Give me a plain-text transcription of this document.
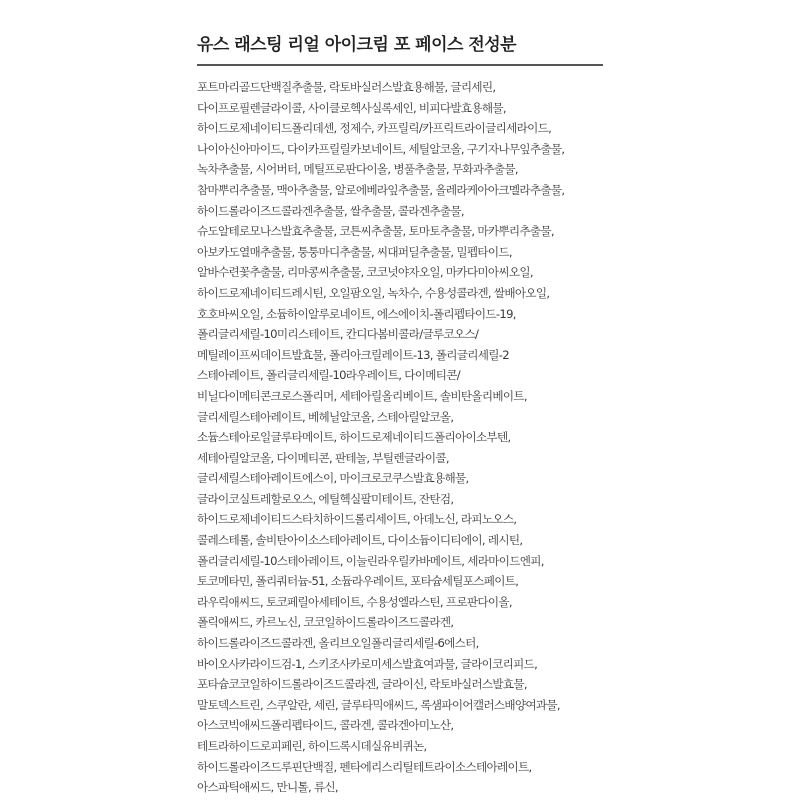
유스 래스팅 리얼 아이크림 포 페이스 전성분
포트마리골드단백질추출물, 락토바실러스발효용해물, 글리세린,
다이프로필렌글라이콜, 사이클로헥사실록세인, 비피다발효용해물,
하이드로제네이티드폴리데센, 정제수, 카프릴릭/카프릭트라이글리세라이드,
나이아신아마이드, 다이카프릴릴카보네이트, 세틸알코올, 구기자나무잎추출물,
녹차추출물, 시어버터, 메틸프로판다이올, 병풀추출물, 무화과추출물,
참마뿌리추출물, 맥아추출물, 알로에베라잎추출물, 올레라케아아크멜라추출물,
하이드롤라이즈드콜라겐추출물, 쌀추출물, 콜라겐추출물,
슈도알테로모나스발효추출물, 코튼씨추출물, 토마토추출물, 마카뿌리추출물,
아보카도열매추출물, 퉁퉁마디추출물, 씨대퍼딜추출물, 밀펩타이드,
알바수련꽃추출물, 리마콩씨추출물, 코코넛야자오일, 마카다미아씨오일,
하이드로제네이티드레시틴, 오일팜오일, 녹차수, 수용성콜라겐, 쌀배아오일,
호호바씨오일, 소듐하이알루로네이트, 에스에이치-폴리펩타이드-19,
폴리글리세릴-10미리스테이트, 칸디다봄비콜라/글루코오스/
메틸레이프씨데이트발효물, 폴리아크릴레이트-13, 폴리글리세릴-2
스테아레이트, 폴리글리세릴-10라우레이트, 다이메티콘/
비닐다이메티콘크로스폴리머, 세테아릴올리베이트, 솔비탄올리베이트,
글리세릴스테아레이트, 베헤닐알코올, 스테아릴알코올,
소듐스테아로일글루타메이트, 하이드로제네이티드폴리아이소부텐,
세테아릴알코올, 다이메티콘, 판테놀, 부틸렌글라이콜,
글리세릴스테아레이트에스이, 마이크로코쿠스발효용해물,
글라이코실트레할로오스, 에틸헥실팔미테이트, 잔탄검,
하이드로제네이티드스타치하이드롤리세이트, 아데노신, 라피노오스,
콜레스테롤, 솔비탄아이소스테아레이트, 다이소듐이디티에이, 레시틴,
폴리글리세릴-10스테아레이트, 이눌린라우릴카바메이트, 세라마이드엔피,
토코메타민, 폴리쿼터늄-51, 소듐라우레이트, 포타슘세틸포스페이트,
라우릭애씨드, 토코페릴아세테이트, 수용성엘라스틴, 프로판다이올,
폴릭애씨드, 카르노신, 코코일하이드롤라이즈드콜라겐,
하이드롤라이즈드콜라겐, 올리브오일폴리글리세릴-6에스터,
바이오사카라이드검-1, 스키조사카로미세스발효여과물, 글라이코리피드,
포타슘코코일하이드롤라이즈드콜라겐, 글라이신, 락토바실러스발효물,
말토덱스트린, 스쿠알란, 세린, 글루타믹애씨드, 록샘파이어캘러스배양여과물,
아스코빅애씨드폴리펩타이드, 콜라겐, 콜라겐아미노산,
테트라하이드로피페린, 하이드록시데실유비퀴논,
하이드롤라이즈드루핀단백질, 펜타에리스리틸테트라이소스테아레이트,
아스파틱애씨드, 만니톨, 류신,
